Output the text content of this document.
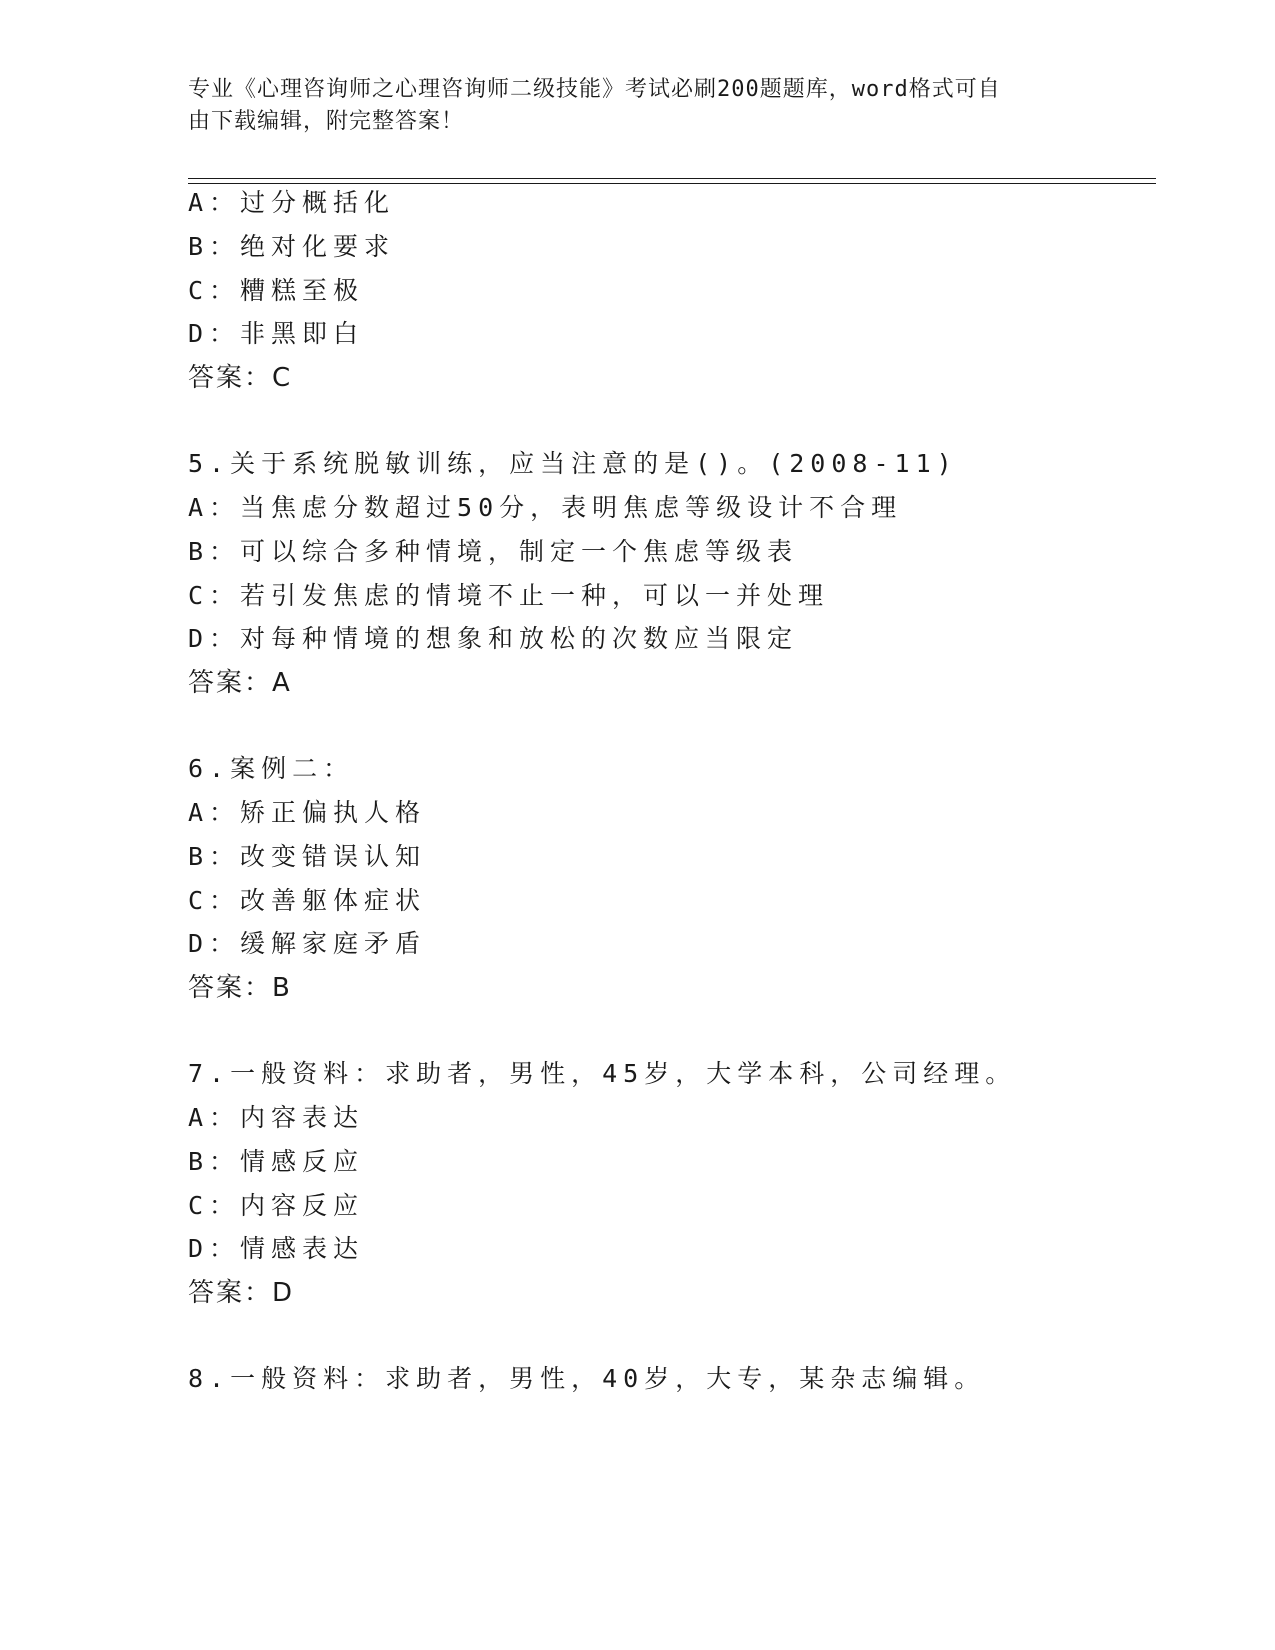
专业《心理咨询师之心理咨询师二级技能》考试必刷200题题库，word格式可自
由下载编辑，附完整答案！
A：过分概括化
B：绝对化要求
C：糟糕至极
D：非黑即白
答案：C
5.关于系统脱敏训练，应当注意的是()。(2008-11)
A：当焦虑分数超过50分，表明焦虑等级设计不合理
B：可以综合多种情境，制定一个焦虑等级表
C：若引发焦虑的情境不止一种，可以一并处理
D：对每种情境的想象和放松的次数应当限定
答案：A
6.案例二：
A：矫正偏执人格
B：改变错误认知
C：改善躯体症状
D：缓解家庭矛盾
答案：B
7.一般资料：求助者，男性，45岁，大学本科，公司经理。
A：内容表达
B：情感反应
C：内容反应
D：情感表达
答案：D
8.一般资料：求助者，男性，40岁，大专，某杂志编辑。
